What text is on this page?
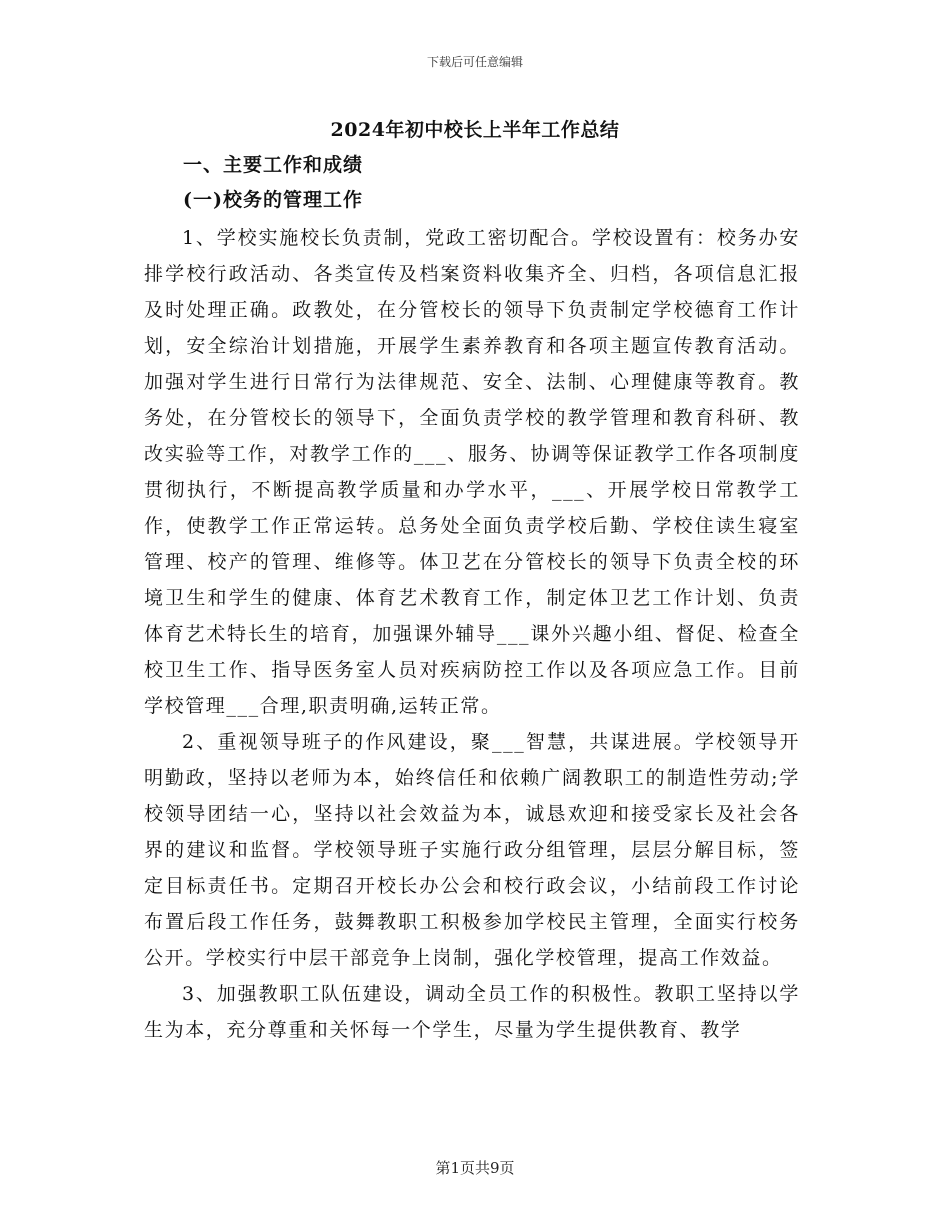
下载后可任意编辑
2024年初中校长上半年工作总结
一、主要工作和成绩
(一)校务的管理工作

1、学校实施校长负责制，党政工密切配合。学校设置有：校务办安排学校行政活动、各类宣传及档案资料收集齐全、归档，各项信息汇报及时处理正确。政教处，在分管校长的领导下负责制定学校德育工作计划，安全综治计划措施，开展学生素养教育和各项主题宣传教育活动。加强对学生进行日常行为法律规范、安全、法制、心理健康等教育。教务处，在分管校长的领导下，全面负责学校的教学管理和教育科研、教改实验等工作，对教学工作的___、服务、协调等保证教学工作各项制度贯彻执行，不断提高教学质量和办学水平，___、开展学校日常教学工作，使教学工作正常运转。总务处全面负责学校后勤、学校住读生寝室管理、校产的管理、维修等。体卫艺在分管校长的领导下负责全校的环境卫生和学生的健康、体育艺术教育工作，制定体卫艺工作计划、负责体育艺术特长生的培育，加强课外辅导___课外兴趣小组、督促、检查全校卫生工作、指导医务室人员对疾病防控工作以及各项应急工作。目前学校管理___合理,职责明确,运转正常。

2、重视领导班子的作风建设，聚___智慧，共谋进展。学校领导开明勤政，坚持以老师为本，始终信任和依赖广阔教职工的制造性劳动;学校领导团结一心，坚持以社会效益为本，诚恳欢迎和接受家长及社会各界的建议和监督。学校领导班子实施行政分组管理，层层分解目标，签定目标责任书。定期召开校长办公会和校行政会议，小结前段工作讨论布置后段工作任务，鼓舞教职工积极参加学校民主管理，全面实行校务公开。学校实行中层干部竞争上岗制，强化学校管理，提高工作效益。

3、加强教职工队伍建设，调动全员工作的积极性。教职工坚持以学生为本，充分尊重和关怀每一个学生，尽量为学生提供教育、教学

第1页共9页
